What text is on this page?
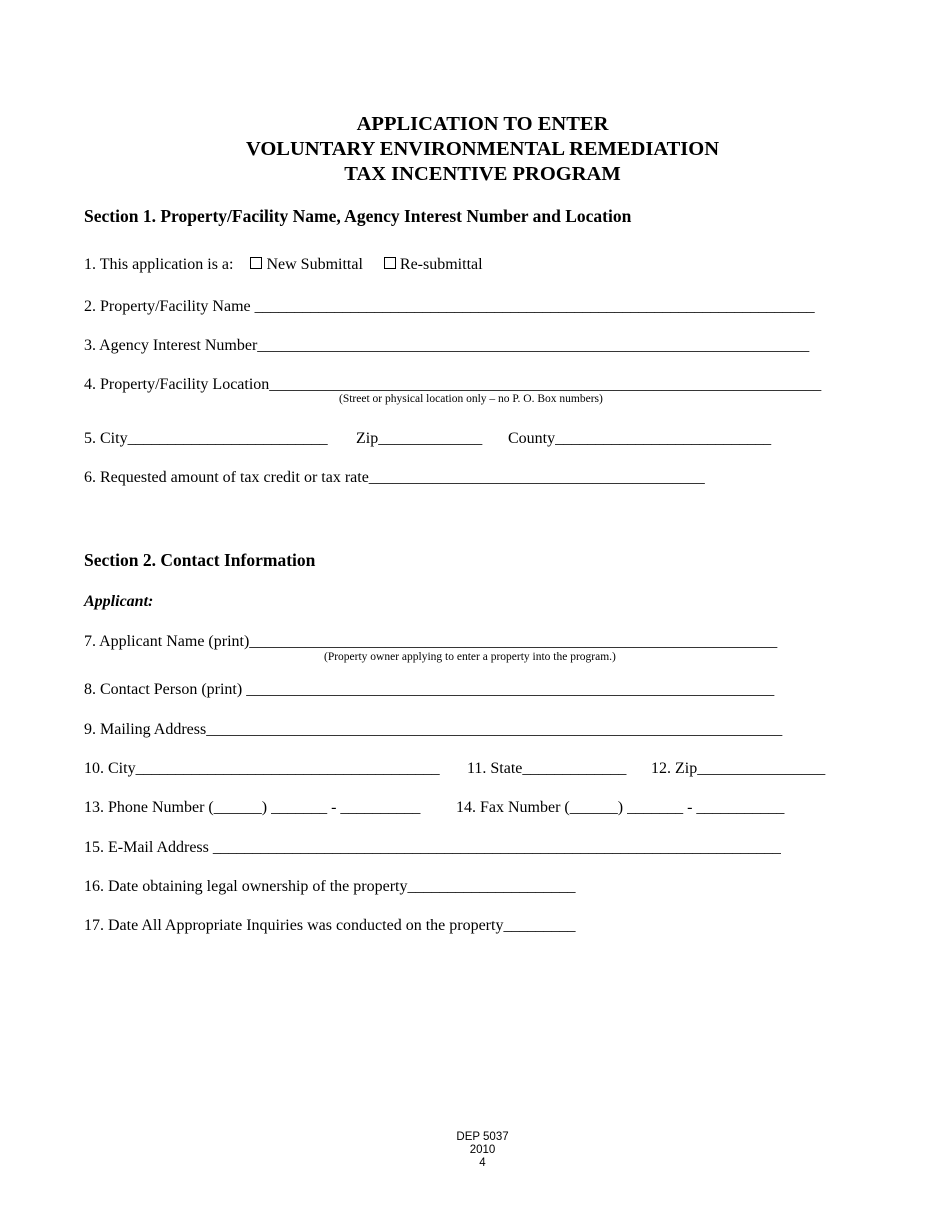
APPLICATION TO ENTER
VOLUNTARY ENVIRONMENTAL REMEDIATION
TAX INCENTIVE PROGRAM
Section 1. Property/Facility Name, Agency Interest Number and Location
1. This application is a: New Submittal Re-submittal
2. Property/Facility Name ______________________________________________________________________
3. Agency Interest Number_____________________________________________________________________
4. Property/Facility Location_____________________________________________________________________
(Street or physical location only – no P. O. Box numbers)
5. City_________________________ Zip_____________ County___________________________
6. Requested amount of tax credit or tax rate__________________________________________
Section 2. Contact Information
Applicant:
7. Applicant Name (print)__________________________________________________________________
(Property owner applying to enter a property into the program.)
8. Contact Person (print) __________________________________________________________________
9. Mailing Address________________________________________________________________________
10. City______________________________________ 11. State_____________ 12. Zip________________
13. Phone Number (______) _______ - __________ 14. Fax Number (______) _______ - ___________
15. E-Mail Address _______________________________________________________________________
16. Date obtaining legal ownership of the property_____________________
17. Date All Appropriate Inquiries was conducted on the property_________
DEP 5037
2010
4
